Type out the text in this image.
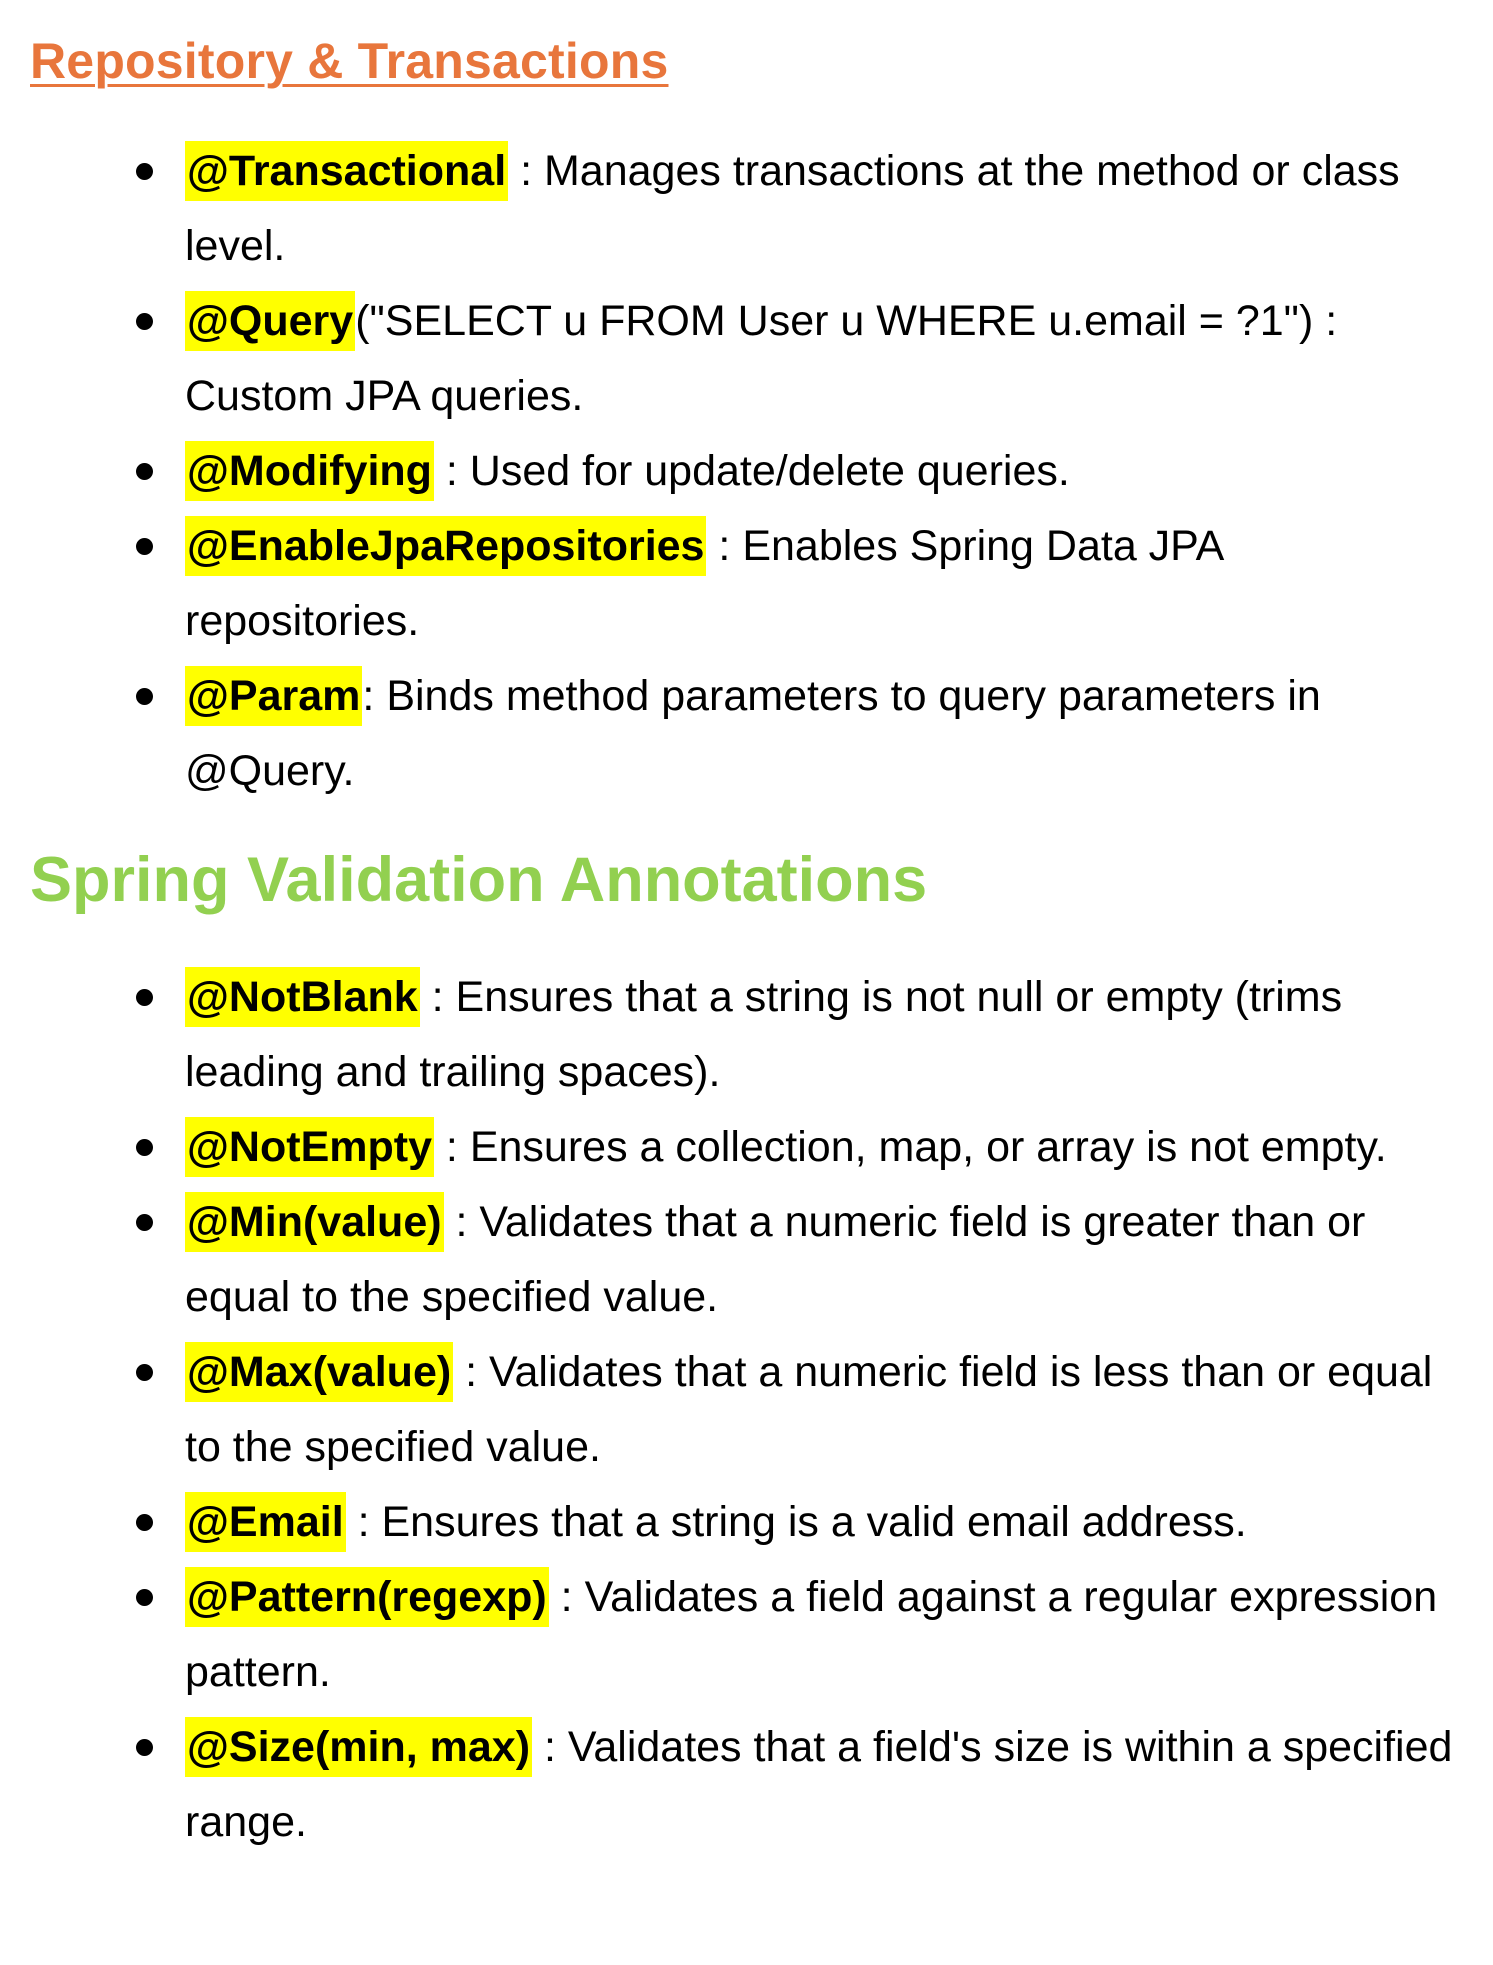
Repository & Transactions
@Transactional : Manages transactions at the method or class level.
@Query("SELECT u FROM User u WHERE u.email = ?1") : Custom JPA queries.
@Modifying : Used for update/delete queries.
@EnableJpaRepositories : Enables Spring Data JPA repositories.
@Param: Binds method parameters to query parameters in @Query.
Spring Validation Annotations
@NotBlank : Ensures that a string is not null or empty (trims leading and trailing spaces).
@NotEmpty : Ensures a collection, map, or array is not empty.
@Min(value) : Validates that a numeric field is greater than or equal to the specified value.
@Max(value) : Validates that a numeric field is less than or equal to the specified value.
@Email : Ensures that a string is a valid email address.
@Pattern(regexp) : Validates a field against a regular expression pattern.
@Size(min, max) : Validates that a field's size is within a specified range.
